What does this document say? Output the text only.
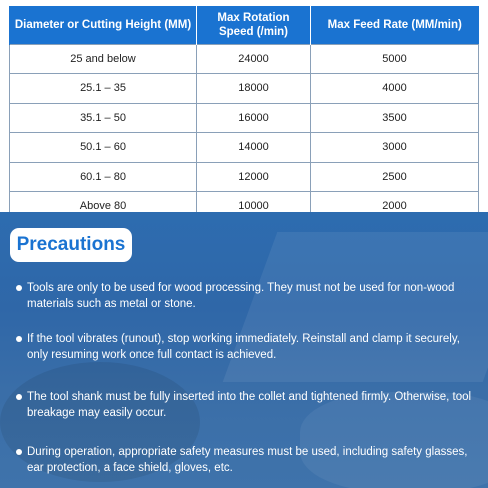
Diameter or Cutting Height (MM)	Max Rotation Speed (/min)	Max Feed Rate (MM/min)
25 and below	24000	5000
25.1 – 35	18000	4000
35.1 – 50	16000	3500
50.1 – 60	14000	3000
60.1 – 80	12000	2500
Above 80	10000	2000
Precautions
Tools are only to be used for wood processing. They must not be used for non-wood materials such as metal or stone.
If the tool vibrates (runout), stop working immediately. Reinstall and clamp it securely, only resuming work once full contact is achieved.
The tool shank must be fully inserted into the collet and tightened firmly. Otherwise, tool breakage may easily occur.
During operation, appropriate safety measures must be used, including safety glasses, ear protection, a face shield, gloves, etc.
